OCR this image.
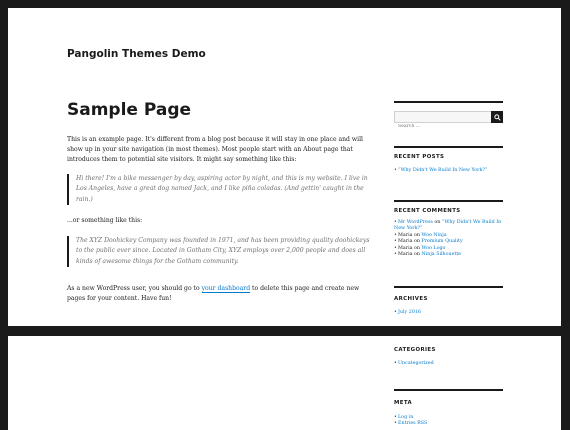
Pangolin Themes Demo
Sample Page

This is an example page. It's different from a blog post because it will stay in one place and will show up in your site navigation (in most themes). Most people start with an About page that introduces them to potential site visitors. It might say something like this:

Hi there! I'm a bike messenger by day, aspiring actor by night, and this is my website. I live in Los Angeles, have a great dog named Jack, and I like piña coladas. (And gettin' caught in the rain.)

...or something like this:

The XYZ Doohickey Company was founded in 1971, and has been providing quality doohickeys to the public ever since. Located in Gotham City, XYZ employs over 2,000 people and does all kinds of awesome things for the Gotham community.

As a new WordPress user, you should go to your dashboard to delete this page and create new pages for your content. Have fun!

Search …
RECENT POSTS
•“Why Didn't We Build In New York?”
RECENT COMMENTS
•Mr WordPress on “Why Didn't We Build In New York?”
•Maria on Woo Ninja
•Maria on Premium Quality
•Maria on Woo Logo
•Maria on Ninja Silhouette
ARCHIVES
•July 2016
CATEGORIES
•Uncategorized
META
•Log in
•Entries RSS
